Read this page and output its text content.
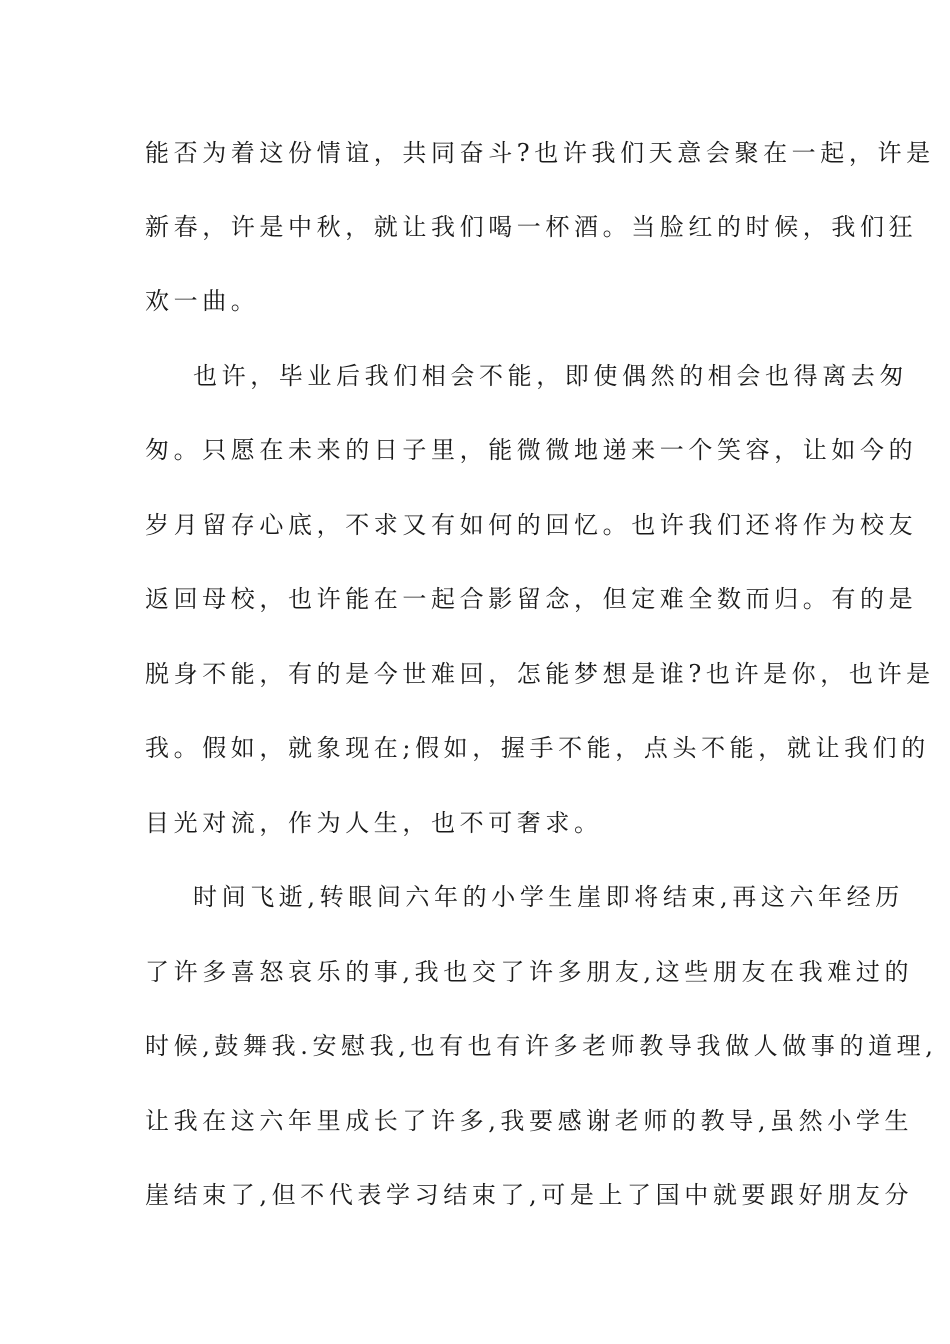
能否为着这份情谊，共同奋斗?也许我们天意会聚在一起，许是
新春，许是中秋，就让我们喝一杯酒。当脸红的时候，我们狂
欢一曲。
也许，毕业后我们相会不能，即使偶然的相会也得离去匆
匆。只愿在未来的日子里，能微微地递来一个笑容，让如今的
岁月留存心底，不求又有如何的回忆。也许我们还将作为校友
返回母校，也许能在一起合影留念，但定难全数而归。有的是
脱身不能，有的是今世难回，怎能梦想是谁?也许是你，也许是
我。假如，就象现在;假如，握手不能，点头不能，就让我们的
目光对流，作为人生，也不可奢求。
时间飞逝,转眼间六年的小学生崖即将结束,再这六年经历
了许多喜怒哀乐的事,我也交了许多朋友,这些朋友在我难过的
时候,鼓舞我.安慰我,也有也有许多老师教导我做人做事的道理,
让我在这六年里成长了许多,我要感谢老师的教导,虽然小学生
崖结束了,但不代表学习结束了,可是上了国中就要跟好朋友分
